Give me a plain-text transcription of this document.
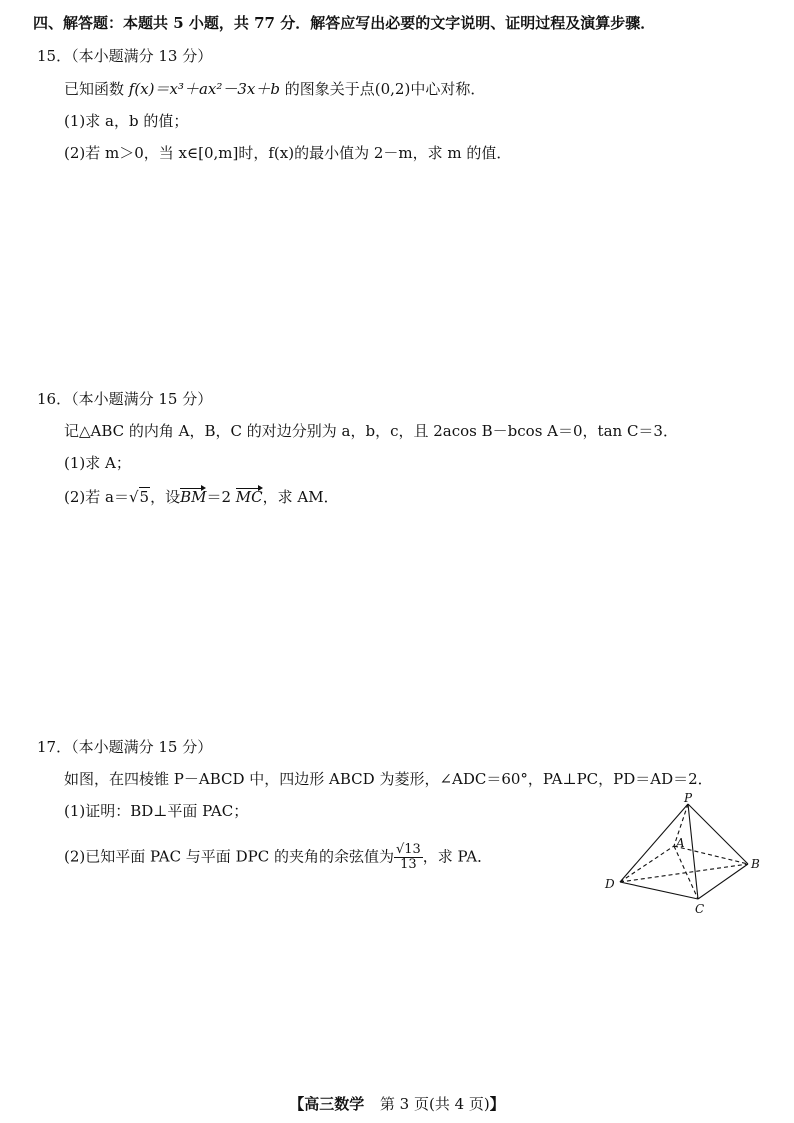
四、解答题：本题共 5 小题，共 77 分．解答应写出必要的文字说明、证明过程及演算步骤．
15．（本小题满分 13 分）
已知函数 f(x)＝x³＋ax²－3x＋b 的图象关于点(0,2)中心对称．
(1)求 a，b 的值；
(2)若 m＞0，当 x∈[0,m]时，f(x)的最小值为 2－m，求 m 的值．
16．（本小题满分 15 分）
记△ABC 的内角 A，B，C 的对边分别为 a，b，c，且 2acos B－bcos A＝0，tan C＝3．
(1)求 A；
(2)若 a＝√5，设BM＝2 MC，求 AM．
17．（本小题满分 15 分）
如图，在四棱锥 P－ABCD 中，四边形 ABCD 为菱形，∠ADC＝60°，PA⊥PC，PD＝AD＝2．
(1)证明：BD⊥平面 PAC；
(2)已知平面 PAC 与平面 DPC 的夹角的余弦值为 $\frac{√13}{13}$ ，求 PA．
P
A
B
C
D
【高三数学 第 3 页(共 4 页)】
